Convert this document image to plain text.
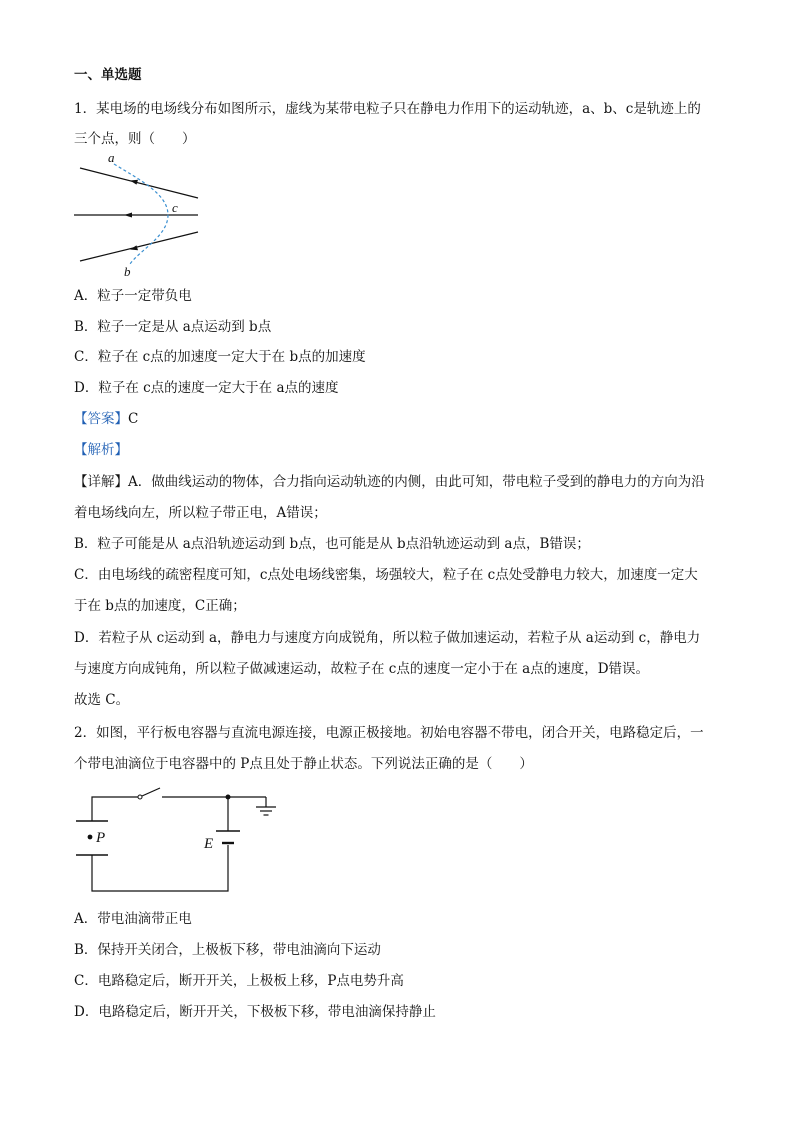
一、单选题
1．某电场的电场线分布如图所示，虚线为某带电粒子只在静电力作用下的运动轨迹，a、b、c是轨迹上的
三个点，则（　　）
a
c
b
A．粒子一定带负电
B．粒子一定是从 a点运动到 b点
C．粒子在 c点的加速度一定大于在 b点的加速度
D．粒子在 c点的速度一定大于在 a点的速度
【答案】C
【解析】
【详解】A．做曲线运动的物体，合力指向运动轨迹的内侧，由此可知，带电粒子受到的静电力的方向为沿
着电场线向左，所以粒子带正电，A错误；
B．粒子可能是从 a点沿轨迹运动到 b点，也可能是从 b点沿轨迹运动到 a点，B错误；
C．由电场线的疏密程度可知，c点处电场线密集，场强较大，粒子在 c点处受静电力较大，加速度一定大
于在 b点的加速度，C正确；
D．若粒子从 c运动到 a，静电力与速度方向成锐角，所以粒子做加速运动，若粒子从 a运动到 c，静电力
与速度方向成钝角，所以粒子做减速运动，故粒子在 c点的速度一定小于在 a点的速度，D错误。
故选 C。
2．如图，平行板电容器与直流电源连接，电源正极接地。初始电容器不带电，闭合开关，电路稳定后，一
个带电油滴位于电容器中的 P点且处于静止状态。下列说法正确的是（　　）
P	E
A．带电油滴带正电
B．保持开关闭合，上极板下移，带电油滴向下运动
C．电路稳定后，断开开关，上极板上移，P点电势升高
D．电路稳定后，断开开关，下极板下移，带电油滴保持静止
